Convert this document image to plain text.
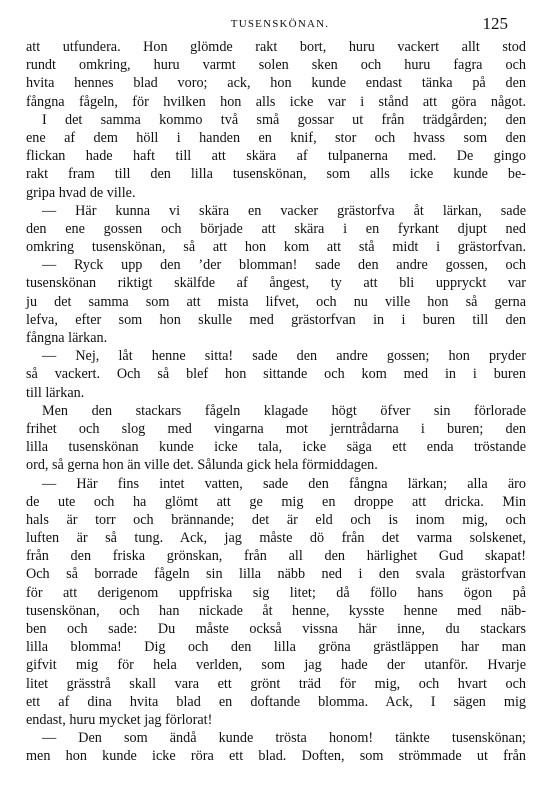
TUSENSKÖNAN.	125
att utfundera. Hon glömde rakt bort, huru vackert allt stod
rundt omkring, huru varmt solen sken och huru fagra och
hvita hennes blad voro; ack, hon kunde endast tänka på den
fångna fågeln, för hvilken hon alls icke var i stånd att göra något.
I det samma kommo två små gossar ut från trädgården; den
ene af dem höll i handen en knif, stor och hvass som den
flickan hade haft till att skära af tulpanerna med. De gingo
rakt fram till den lilla tusenskönan, som alls icke kunde be-
gripa hvad de ville.
— Här kunna vi skära en vacker grästorfva åt lärkan, sade
den ene gossen och började att skära i en fyrkant djupt ned
omkring tusenskönan, så att hon kom att stå midt i grästorfvan.
— Ryck upp den ’der blomman! sade den andre gossen, och
tusenskönan riktigt skälfde af ångest, ty att bli uppryckt var
ju det samma som att mista lifvet, och nu ville hon så gerna
lefva, efter som hon skulle med grästorfvan in i buren till den
fångna lärkan.
— Nej, låt henne sitta! sade den andre gossen; hon pryder
så vackert. Och så blef hon sittande och kom med in i buren
till lärkan.
Men den stackars fågeln klagade högt öfver sin förlorade
frihet och slog med vingarna mot jerntrådarna i buren; den
lilla tusenskönan kunde icke tala, icke säga ett enda tröstande
ord, så gerna hon än ville det. Sålunda gick hela förmiddagen.
— Här fins intet vatten, sade den fångna lärkan; alla äro
de ute och ha glömt att ge mig en droppe att dricka. Min
hals är torr och brännande; det är eld och is inom mig, och
luften är så tung. Ack, jag måste dö från det varma solskenet,
från den friska grönskan, från all den härlighet Gud skapat!
Och så borrade fågeln sin lilla näbb ned i den svala grästorfvan
för att derigenom uppfriska sig litet; då föllo hans ögon på
tusenskönan, och han nickade åt henne, kysste henne med näb-
ben och sade: Du måste också vissna här inne, du stackars
lilla blomma! Dig och den lilla gröna grästläppen har man
gifvit mig för hela verlden, som jag hade der utanför. Hvarje
litet grässtrå skall vara ett grönt träd för mig, och hvart och
ett af dina hvita blad en doftande blomma. Ack, I sägen mig
endast, huru mycket jag förlorat!
— Den som ändå kunde trösta honom! tänkte tusenskönan;
men hon kunde icke röra ett blad. Doften, som strömmade ut från
